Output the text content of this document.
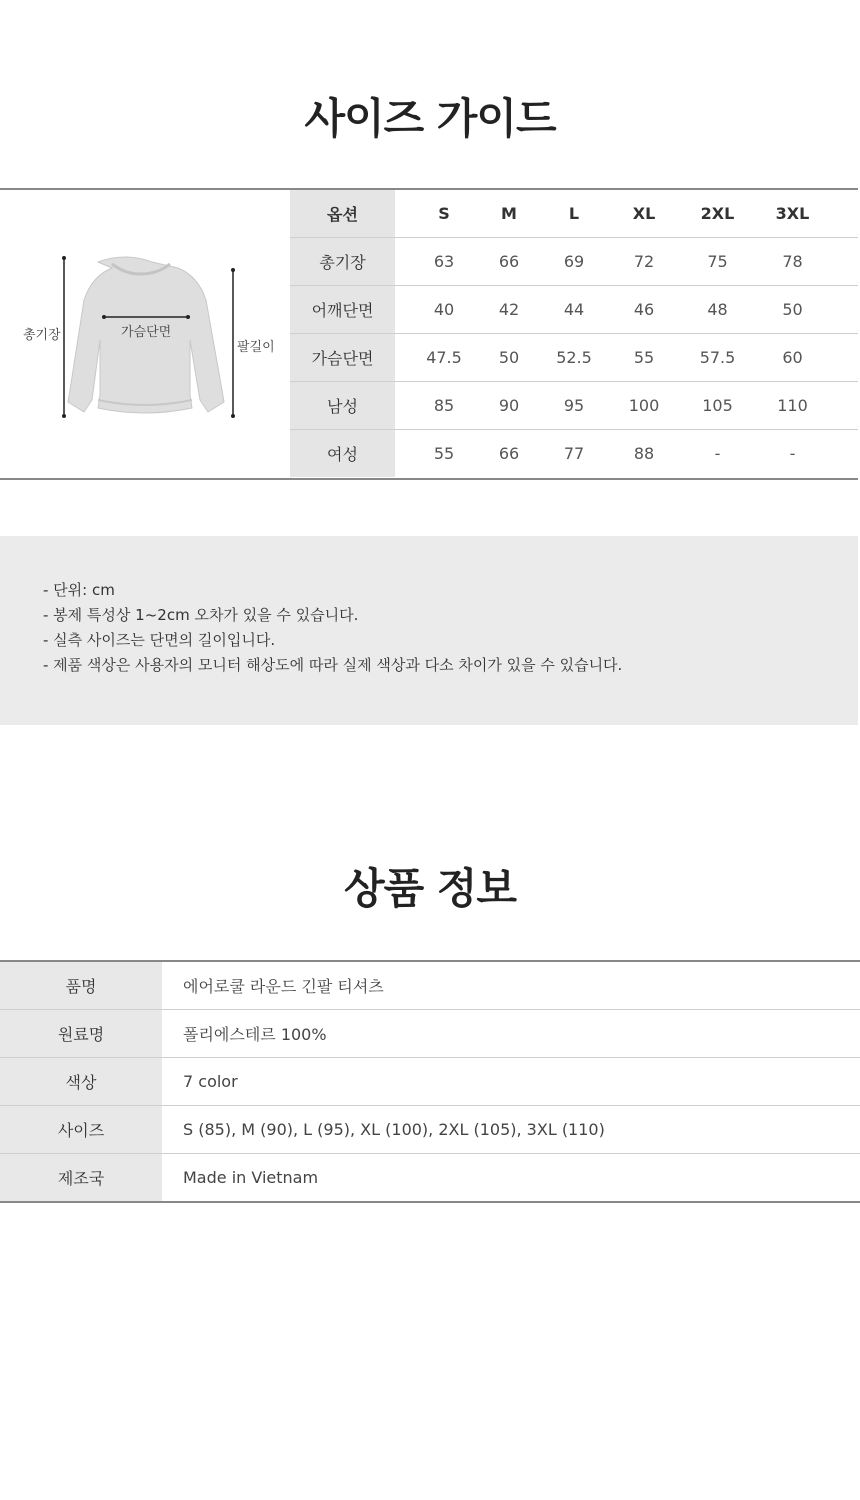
사이즈 가이드
총기장	가슴단면
팔길이
옵션	S	M	L	XL	2XL	3XL
총기장	63	66	69	72	75	78
어깨단면	40	42	44	46	48	50
가슴단면	47.5	50	52.5	55	57.5	60
남성	85	90	95	100	105	110
여성	55	66	77	88	-	-
- 단위: cm
- 봉제 특성상 1~2cm 오차가 있을 수 있습니다.
- 실측 사이즈는 단면의 길이입니다.
- 제품 색상은 사용자의 모니터 해상도에 따라 실제 색상과 다소 차이가 있을 수 있습니다.
상품 정보
품명	에어로쿨 라운드 긴팔 티셔츠
원료명	폴리에스테르 100%
색상	7 color
사이즈	S (85), M (90), L (95), XL (100), 2XL (105), 3XL (110)
제조국	Made in Vietnam
